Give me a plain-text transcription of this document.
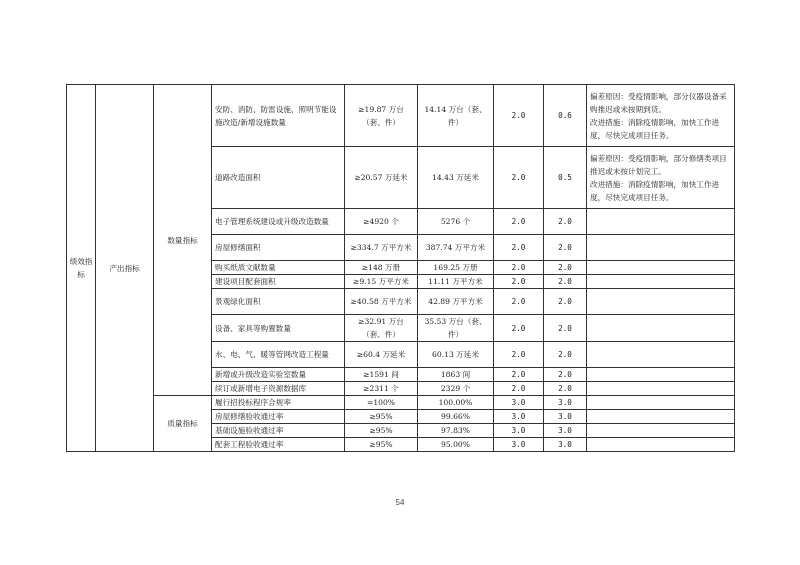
绩效指标	产出指标	数量指标	安防、消防、防雷设施、照明节能设施改造/新增设施数量	≥19.87 万台（套、件）	14.14 万台（套、件）	2.0	0.6	偏差原因：受疫情影响，部分仪器设备采购推迟或未按期到货。
改进措施：消除疫情影响，加快工作进度，尽快完成项目任务。

			道路改造面积	≥20.57 万延米	14.43 万延米	2.0	0.5	偏差原因：受疫情影响，部分修缮类项目推迟或未按计划完工。
改进措施：消除疫情影响，加快工作进度，尽快完成项目任务。

			电子管理系统建设或升级改造数量	≥4920 个	5276 个	2.0	2.0	
			房屋修缮面积	≥334.7 万平方米	387.74 万平方米	2.0	2.0	
			购买纸质文献数量	≥148 万册	169.25 万册	2.0	2.0	
			建设项目配套面积	≥9.15 万平方米	11.11 万平方米	2.0	2.0	
			景观绿化面积	≥40.58 万平方米	42.89 万平方米	2.0	2.0	
			设备、家具等购置数量	≥32.91 万台（套、件）	35.53 万台（套、件）	2.0	2.0	
			水、电、气、暖等管网改造工程量	≥60.4 万延米	60.13 万延米	2.0	2.0	
			新增或升级改造实验室数量	≥1591 间	1863 间	2.0	2.0	
			续订或新增电子资源数据库	≥2311 个	2329 个	2.0	2.0	
		质量指标	履行招投标程序合规率	=100%	100.00%	3.0	3.0	
			房屋修缮验收通过率	≥95%	99.66%	3.0	3.0	
			基础设施验收通过率	≥95%	97.83%	3.0	3.0	
			配套工程验收通过率	≥95%	95.00%	3.0	3.0	
54
